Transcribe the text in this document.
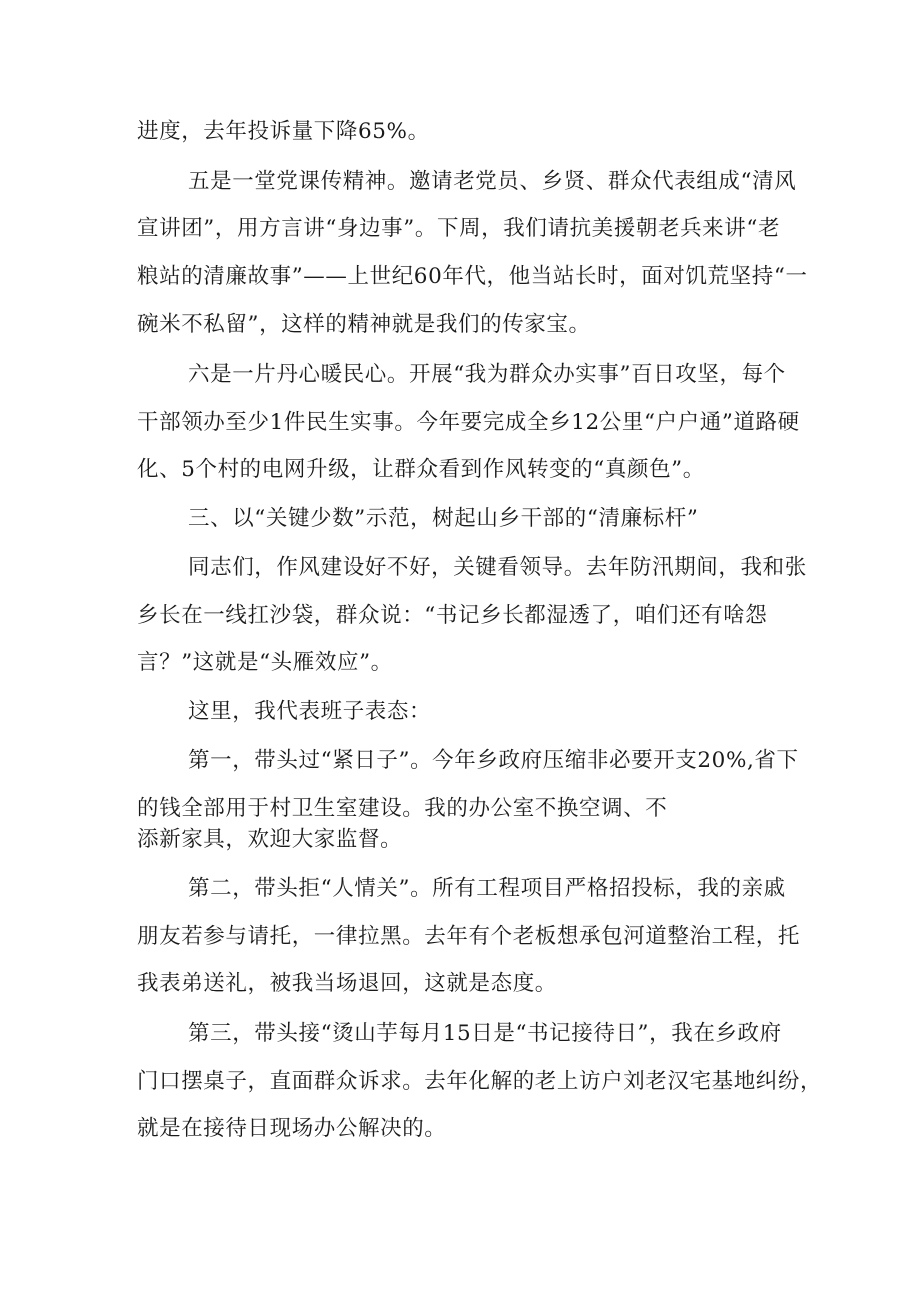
进度，去年投诉量下降65%。

五是一堂党课传精神。邀请老党员、乡贤、群众代表组成“清风

宣讲团”，用方言讲“身边事”。下周，我们请抗美援朝老兵来讲“老

粮站的清廉故事”——上世纪60年代，他当站长时，面对饥荒坚持“一

碗米不私留”，这样的精神就是我们的传家宝。

六是一片丹心暖民心。开展“我为群众办实事”百日攻坚，每个

干部领办至少1件民生实事。今年要完成全乡12公里“户户通”道路硬

化、5个村的电网升级，让群众看到作风转变的“真颜色”。

三、以“关键少数”示范，树起山乡干部的“清廉标杆”

同志们，作风建设好不好，关键看领导。去年防汛期间，我和张

乡长在一线扛沙袋，群众说：“书记乡长都湿透了，咱们还有啥怨

言？”这就是“头雁效应”。

这里，我代表班子表态：

第一，带头过“紧日子”。今年乡政府压缩非必要开支20%,省下

的钱全部用于村卫生室建设。我的办公室不换空调、不

添新家具，欢迎大家监督。

第二，带头拒“人情关”。所有工程项目严格招投标，我的亲戚

朋友若参与请托，一律拉黑。去年有个老板想承包河道整治工程，托

我表弟送礼，被我当场退回，这就是态度。

第三，带头接“烫山芋每月15日是“书记接待日”，我在乡政府

门口摆桌子，直面群众诉求。去年化解的老上访户刘老汉宅基地纠纷，

就是在接待日现场办公解决的。
